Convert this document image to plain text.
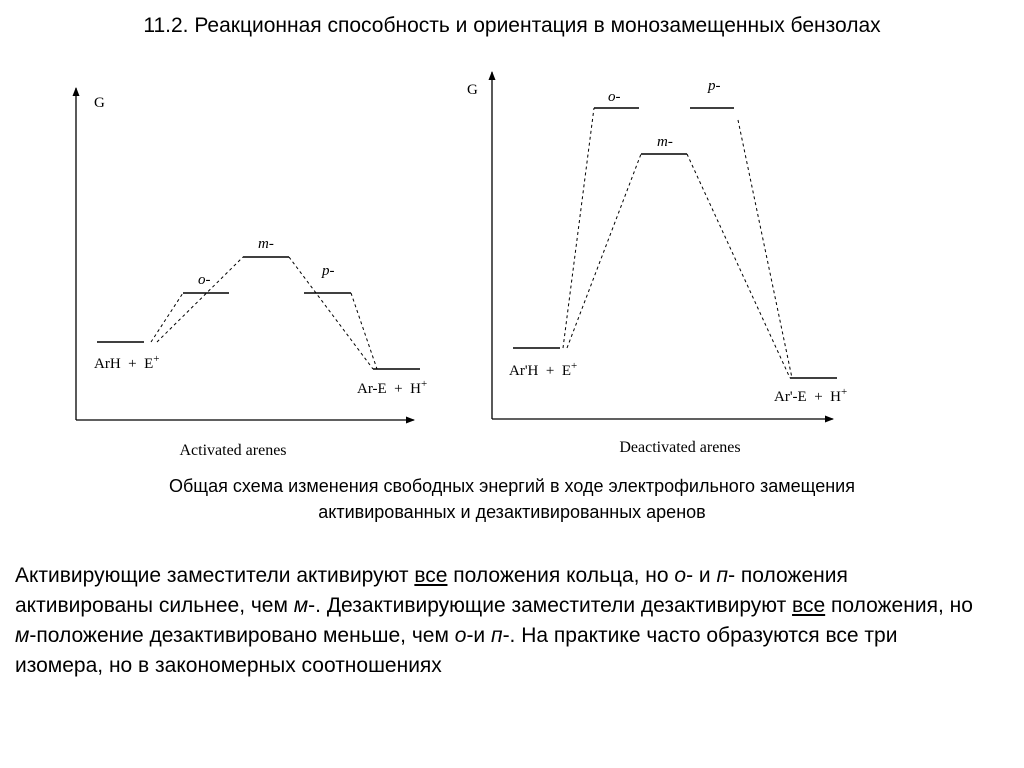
11.2. Реакционная способность и ориентация в монозамещенных бензолах
G
o-
m-
p-
ArH  +  E+
Ar-E  +  H+
Activated arenes
G	o-
m-
p-
Ar'H  +  E+
Ar'-E  +  H+
Deactivated arenes
Общая схема изменения свободных энергий в ходе электрофильного замещения
активированных и дезактивированных аренов
Активирующие заместители активируют все положения кольца, но о- и п- положения активированы сильнее, чем м-. Дезактивирующие заместители дезактивируют все положения, но м-положение дезактивировано меньше, чем о-и п-. На практике часто образуются все три изомера, но в закономерных соотношениях
